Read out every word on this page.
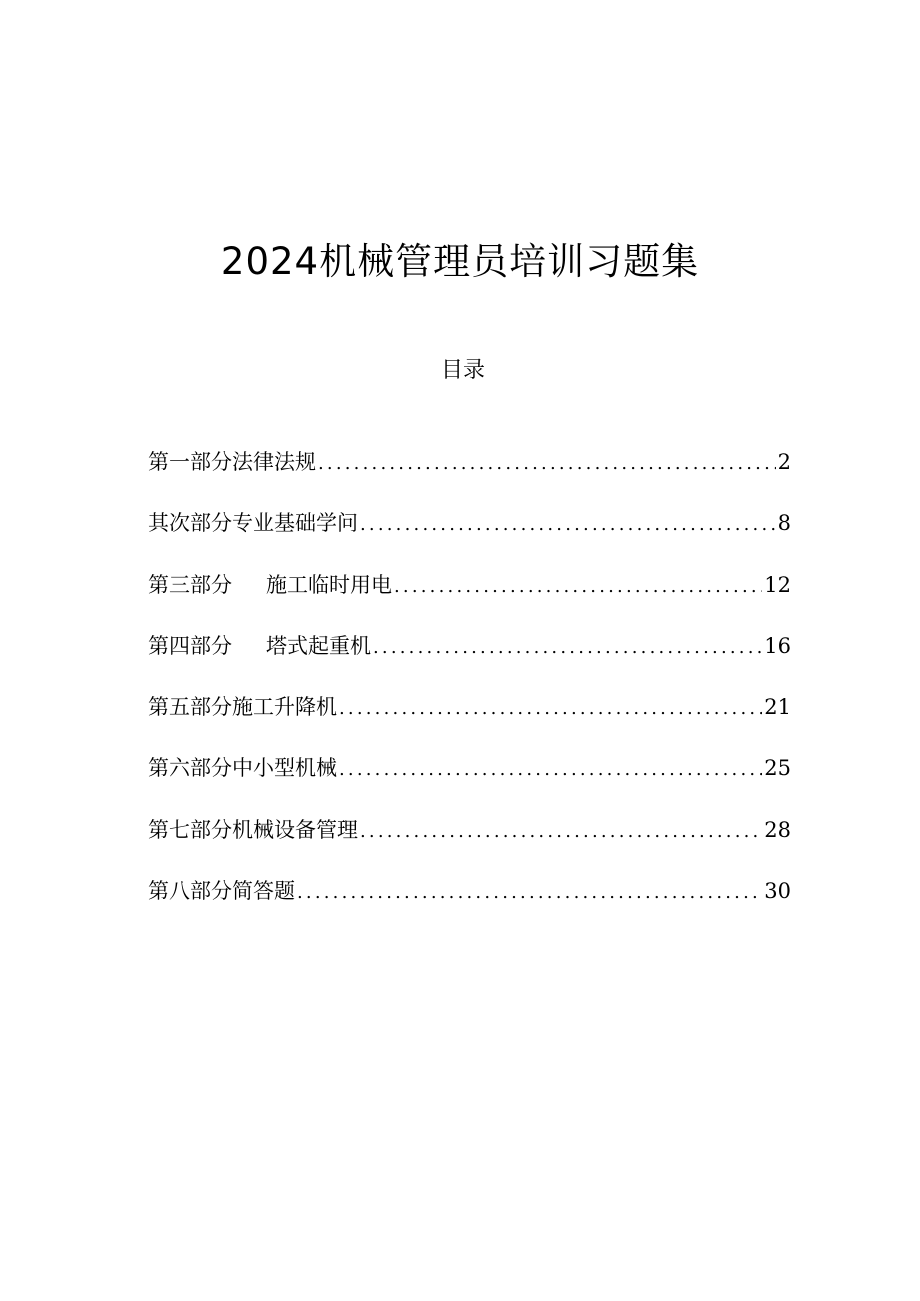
2024机械管理员培训习题集
目录
第一部分法律法规 .....	2
其次部分专业基础学问 .....	8
第三部分 施工临时用电 .....	12
第四部分 塔式起重机 .....	16
第五部分施工升降机 .....	21
第六部分中小型机械 .....	25
第七部分机械设备管理 .....	28
第八部分简答题 .....	30
